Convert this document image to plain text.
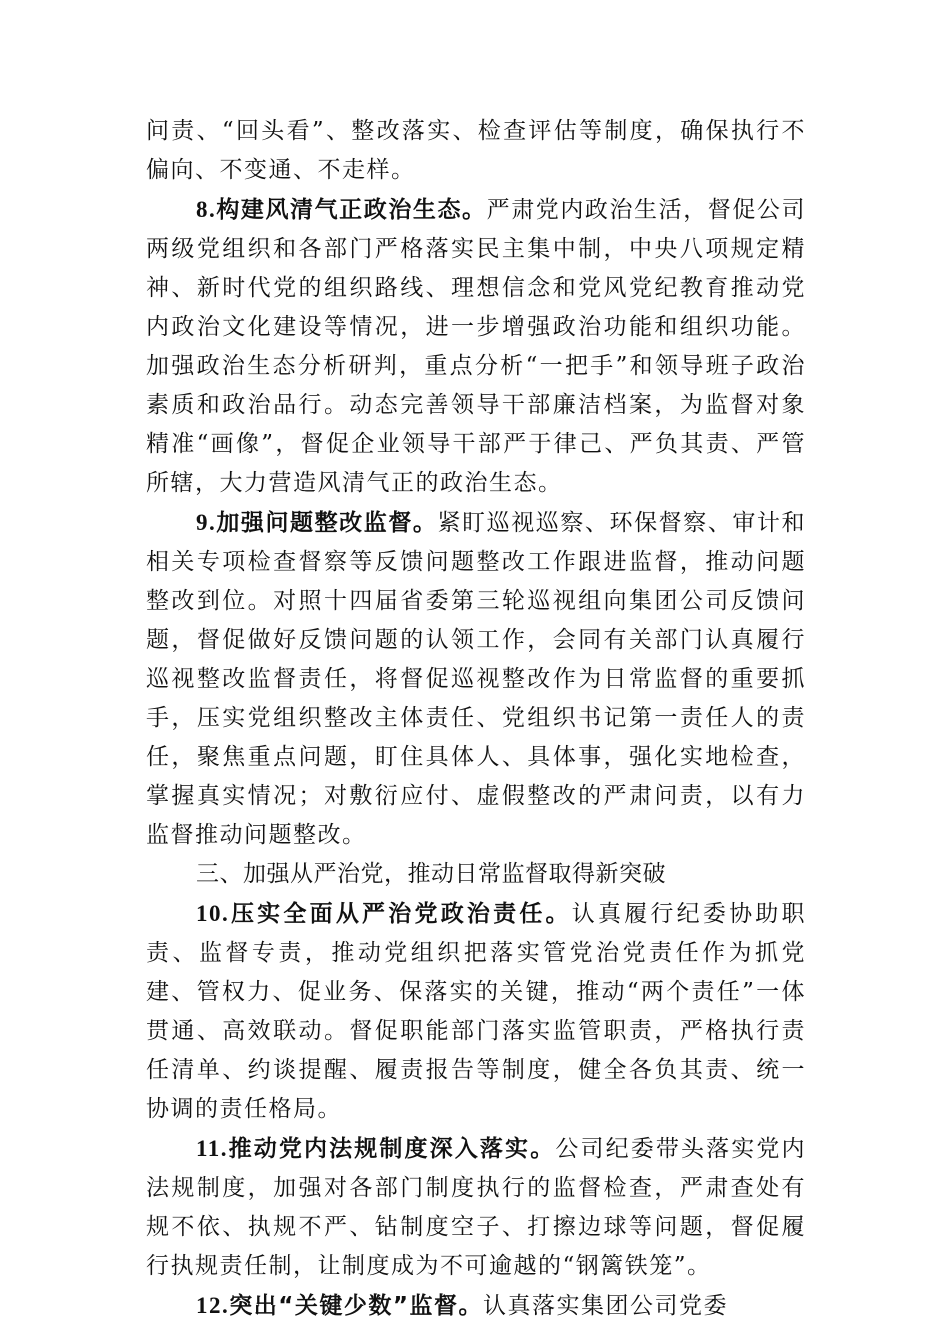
问责、“回头看”、整改落实、检查评估等制度，确保执行不偏向、不变通、不走样。

8.构建风清气正政治生态。严肃党内政治生活，督促公司两级党组织和各部门严格落实民主集中制，中央八项规定精神、新时代党的组织路线、理想信念和党风党纪教育推动党内政治文化建设等情况，进一步增强政治功能和组织功能。加强政治生态分析研判，重点分析“一把手”和领导班子政治素质和政治品行。动态完善领导干部廉洁档案，为监督对象精准“画像”，督促企业领导干部严于律己、严负其责、严管所辖，大力营造风清气正的政治生态。

9.加强问题整改监督。紧盯巡视巡察、环保督察、审计和相关专项检查督察等反馈问题整改工作跟进监督，推动问题整改到位。对照十四届省委第三轮巡视组向集团公司反馈问题，督促做好反馈问题的认领工作，会同有关部门认真履行巡视整改监督责任，将督促巡视整改作为日常监督的重要抓手，压实党组织整改主体责任、党组织书记第一责任人的责任，聚焦重点问题，盯住具体人、具体事，强化实地检查，掌握真实情况；对敷衍应付、虚假整改的严肃问责，以有力监督推动问题整改。

三、加强从严治党，推动日常监督取得新突破

10.压实全面从严治党政治责任。认真履行纪委协助职责、监督专责，推动党组织把落实管党治党责任作为抓党建、管权力、促业务、保落实的关键，推动“两个责任”一体贯通、高效联动。督促职能部门落实监管职责，严格执行责任清单、约谈提醒、履责报告等制度，健全各负其责、统一协调的责任格局。

11.推动党内法规制度深入落实。公司纪委带头落实党内法规制度，加强对各部门制度执行的监督检查，严肃查处有规不依、执规不严、钻制度空子、打擦边球等问题，督促履行执规责任制，让制度成为不可逾越的“钢篱铁笼”。

12.突出“关键少数”监督。认真落实集团公司党委
